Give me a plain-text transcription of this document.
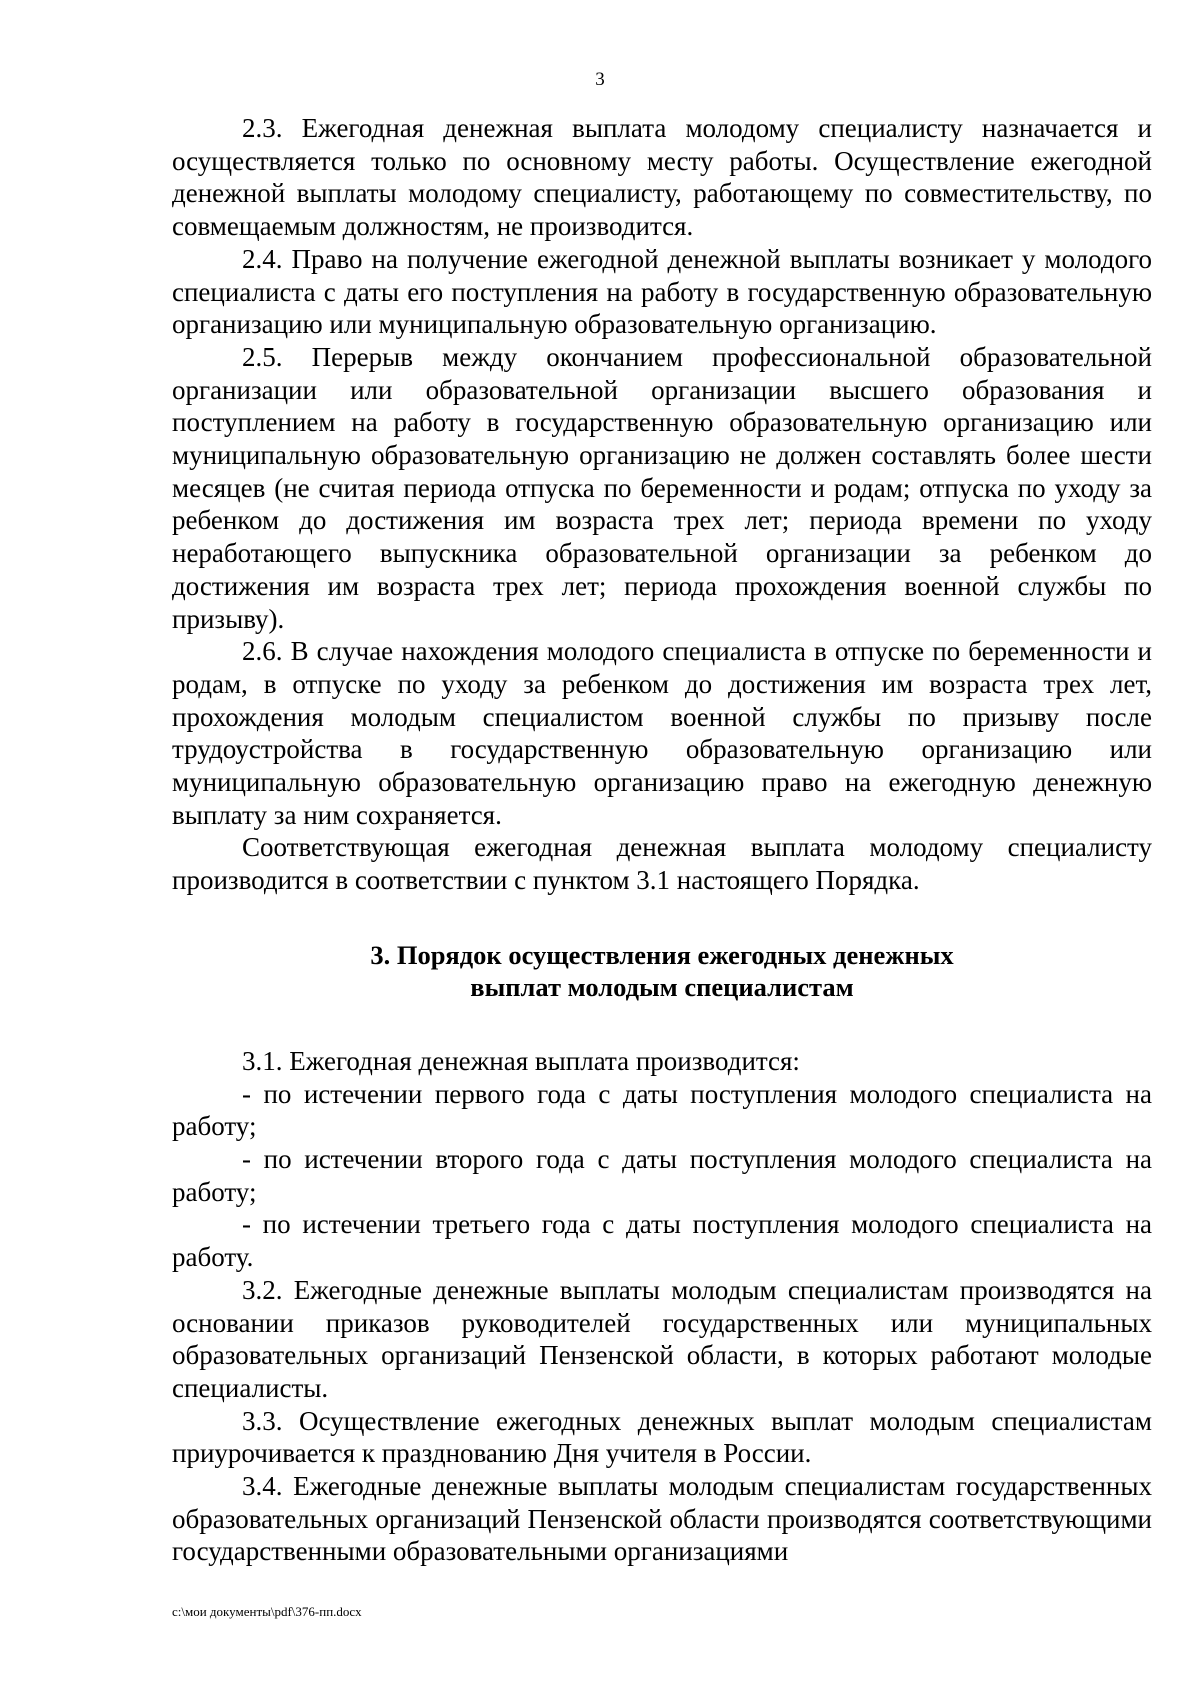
3

2.3. Ежегодная денежная выплата молодому специалисту назначается и осуществляется только по основному месту работы. Осуществление ежегодной денежной выплаты молодому специалисту, работающему по совместительству, по совмещаемым должностям, не производится.

2.4. Право на получение ежегодной денежной выплаты возникает у молодого специалиста с даты его поступления на работу в государственную образовательную организацию или муниципальную образовательную организацию.

2.5. Перерыв между окончанием профессиональной образовательной организации или образовательной организации высшего образования и поступлением на работу в государственную образовательную организацию или муниципальную образовательную организацию не должен составлять более шести месяцев (не считая периода отпуска по беременности и родам; отпуска по уходу за ребенком до достижения им возраста трех лет; периода времени по уходу неработающего выпускника образовательной организации за ребенком до достижения им возраста трех лет; периода прохождения военной службы по призыву).

2.6. В случае нахождения молодого специалиста в отпуске по беременности и родам, в отпуске по уходу за ребенком до достижения им возраста трех лет, прохождения молодым специалистом военной службы по призыву после трудоустройства в государственную образовательную организацию или муниципальную образовательную организацию право на ежегодную денежную выплату за ним сохраняется.

Соответствующая ежегодная денежная выплата молодому специалисту производится в соответствии с пунктом 3.1 настоящего Порядка.

3. Порядок осуществления ежегодных денежных
выплат молодым специалистам

3.1. Ежегодная денежная выплата производится:

- по истечении первого года с даты поступления молодого специалиста на работу;

- по истечении второго года с даты поступления молодого специалиста на работу;

- по истечении третьего года с даты поступления молодого специалиста на работу.

3.2. Ежегодные денежные выплаты молодым специалистам производятся на основании приказов руководителей государственных или муниципальных образовательных организаций Пензенской области, в которых работают молодые специалисты.

3.3. Осуществление ежегодных денежных выплат молодым специалистам приурочивается к празднованию Дня учителя в России.

3.4. Ежегодные денежные выплаты молодым специалистам государственных образовательных организаций Пензенской области производятся соответствующими государственными образовательными организациями

c:\мои документы\pdf\376-пп.docx
